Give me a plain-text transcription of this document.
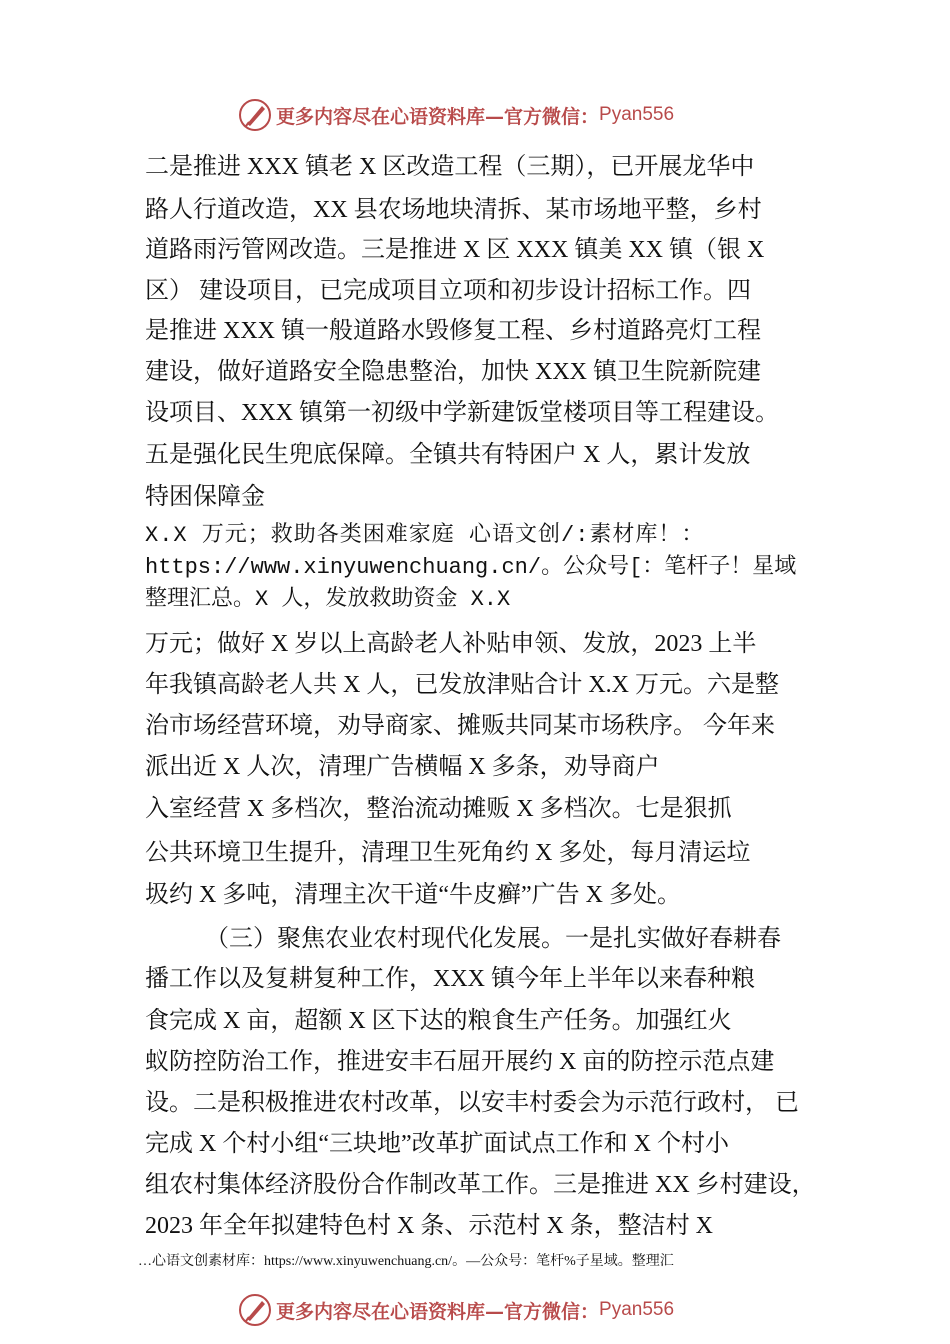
更多内容尽在心语资料库—官方微信： Pyan556
二是推进 XXX 镇老 X 区改造工程（三期），已开展龙华中
路人行道改造，XX 县农场地块清拆、某市场地平整，乡村
道路雨污管网改造。三是推进 X 区 XXX 镇美 XX 镇（银 X
区） 建设项目，已完成项目立项和初步设计招标工作。四
是推进 XXX 镇一般道路水毁修复工程、乡村道路亮灯工程
建设，做好道路安全隐患整治，加快 XXX 镇卫生院新院建
设项目、XXX 镇第一初级中学新建饭堂楼项目等工程建设。
五是强化民生兜底保障。全镇共有特困户 X 人，累计发放
特困保障金
X.X 万元；救助各类困难家庭 心语文创/:素材库！：
https://www.xinyuwenchuang.cn/。公众号[：笔杆子！星域
整理汇总。X 人，发放救助资金 X.X
万元；做好 X 岁以上高龄老人补贴申领、发放，2023 上半
年我镇高龄老人共 X 人，已发放津贴合计 X.X 万元。六是整
治市场经营环境，劝导商家、摊贩共同某市场秩序。 今年来
派出近 X 人次，清理广告横幅 X 多条，劝导商户
入室经营 X 多档次，整治流动摊贩 X 多档次。七是狠抓
公共环境卫生提升，清理卫生死角约 X 多处，每月清运垃
圾约 X 多吨，清理主次干道“牛皮癣”广告 X 多处。
（三）聚焦农业农村现代化发展。一是扎实做好春耕春
播工作以及复耕复种工作，XXX 镇今年上半年以来春种粮
食完成 X 亩，超额 X 区下达的粮食生产任务。加强红火
蚁防控防治工作，推进安丰石屈开展约 X 亩的防控示范点建
设。二是积极推进农村改革，以安丰村委会为示范行政村， 已
完成 X 个村小组“三块地”改革扩面试点工作和 X 个村小
组农村集体经济股份合作制改革工作。三是推进 XX 乡村建设，
2023 年全年拟建特色村 X 条、示范村 X 条，整洁村 X
…心语文创素材库：https://www.xinyuwenchuang.cn/。—公众号：笔杆%子星域。整理汇
更多内容尽在心语资料库—官方微信： Pyan556
